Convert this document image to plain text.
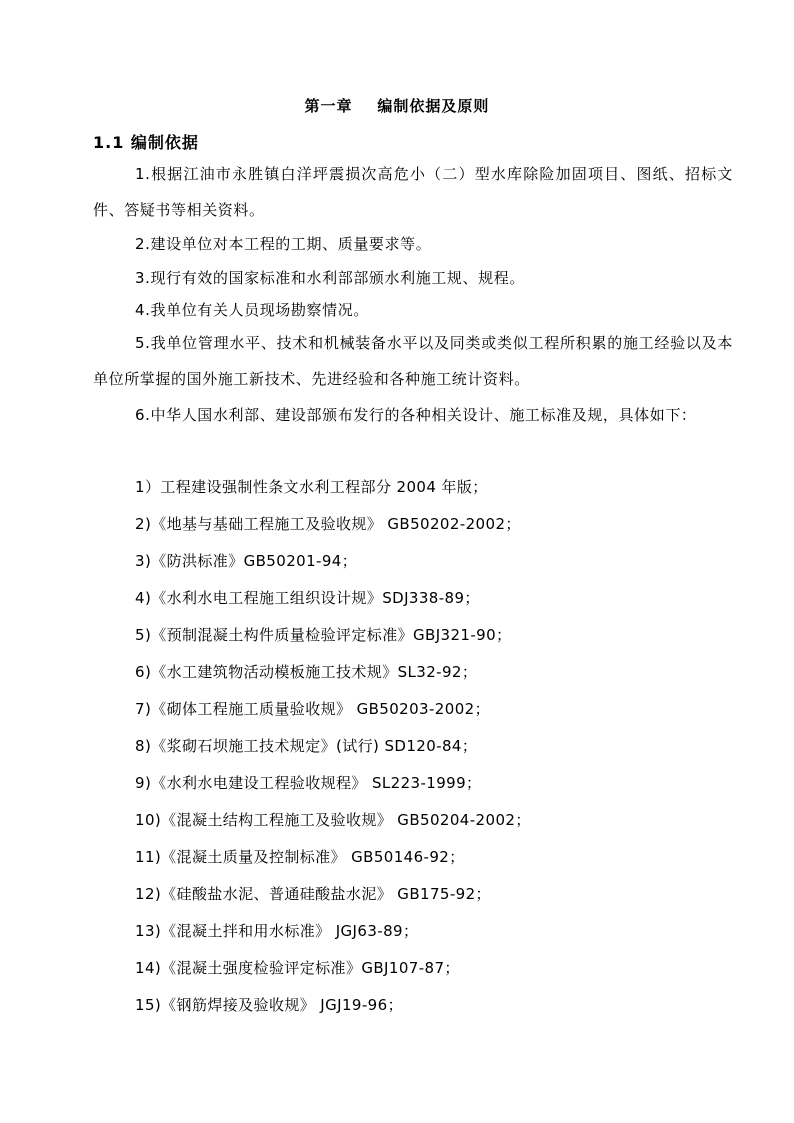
第一章    编制依据及原则
1.1 编制依据

1.根据江油市永胜镇白洋坪震损次高危小（二）型水库除险加固项目、图纸、招标文件、答疑书等相关资料。

2.建设单位对本工程的工期、质量要求等。

3.现行有效的国家标准和水利部部颁水利施工规、规程。

4.我单位有关人员现场勘察情况。

5.我单位管理水平、技术和机械装备水平以及同类或类似工程所积累的施工经验以及本单位所掌握的国外施工新技术、先进经验和各种施工统计资料。

6.中华人国水利部、建设部颁布发行的各种相关设计、施工标准及规，具体如下：

1）工程建设强制性条文水利工程部分 2004 年版；
2)《地基与基础工程施工及验收规》 GB50202-2002；
3)《防洪标准》GB50201-94；
4)《水利水电工程施工组织设计规》SDJ338-89；
5)《预制混凝土构件质量检验评定标准》GBJ321-90；
6)《水工建筑物活动模板施工技术规》SL32-92；
7)《砌体工程施工质量验收规》 GB50203-2002；
8)《浆砌石坝施工技术规定》(试行) SD120-84；
9)《水利水电建设工程验收规程》 SL223-1999；
10)《混凝土结构工程施工及验收规》 GB50204-2002；
11)《混凝土质量及控制标准》 GB50146-92；
12)《硅酸盐水泥、普通硅酸盐水泥》 GB175-92；
13)《混凝土拌和用水标准》 JGJ63-89；
14)《混凝土强度检验评定标准》GBJ107-87；
15)《钢筋焊接及验收规》 JGJ19-96；
